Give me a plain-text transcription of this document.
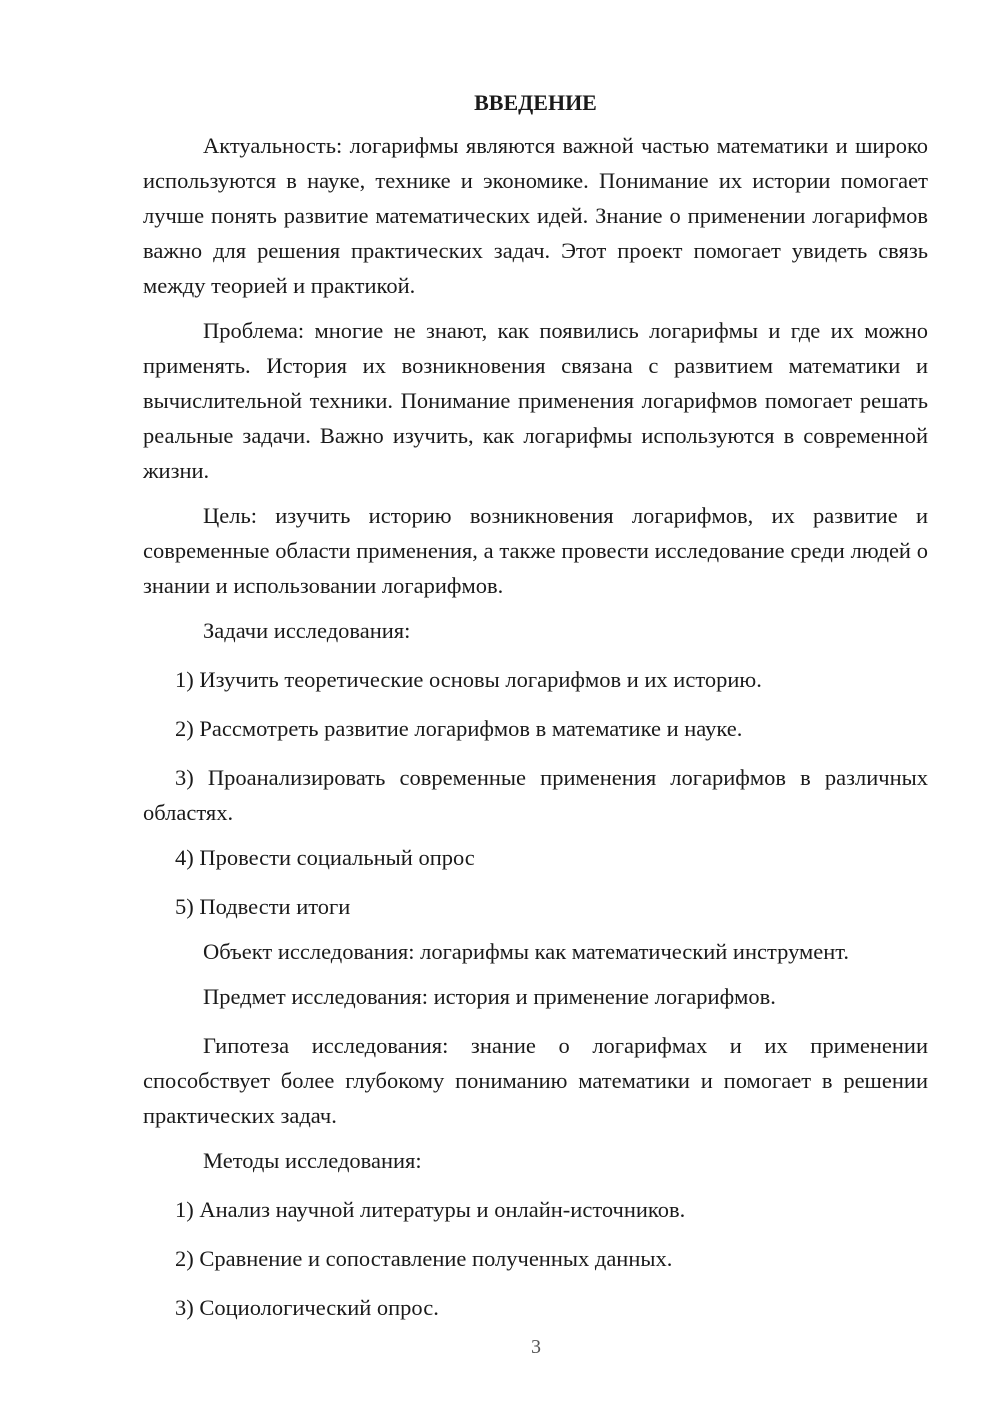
ВВЕДЕНИЕ

Актуальность: логарифмы являются важной частью математики и широко используются в науке, технике и экономике. Понимание их истории помогает лучше понять развитие математических идей. Знание о применении логарифмов важно для решения практических задач. Этот проект помогает увидеть связь между теорией и практикой.

Проблема: многие не знают, как появились логарифмы и где их можно применять. История их возникновения связана с развитием математики и вычислительной техники. Понимание применения логарифмов помогает решать реальные задачи. Важно изучить, как логарифмы используются в современной жизни.

Цель: изучить историю возникновения логарифмов, их развитие и современные области применения, а также провести исследование среди людей о знании и использовании логарифмов.

Задачи исследования:

1) Изучить теоретические основы логарифмов и их историю.

2) Рассмотреть развитие логарифмов в математике и науке.

3) Проанализировать современные применения логарифмов в различных областях.

4) Провести социальный опрос

5) Подвести итоги

Объект исследования: логарифмы как математический инструмент.

Предмет исследования: история и применение логарифмов.

Гипотеза исследования: знание о логарифмах и их применении способствует более глубокому пониманию математики и помогает в решении практических задач.

Методы исследования:

1) Анализ научной литературы и онлайн-источников.

2) Сравнение и сопоставление полученных данных.

3) Социологический опрос.

3
